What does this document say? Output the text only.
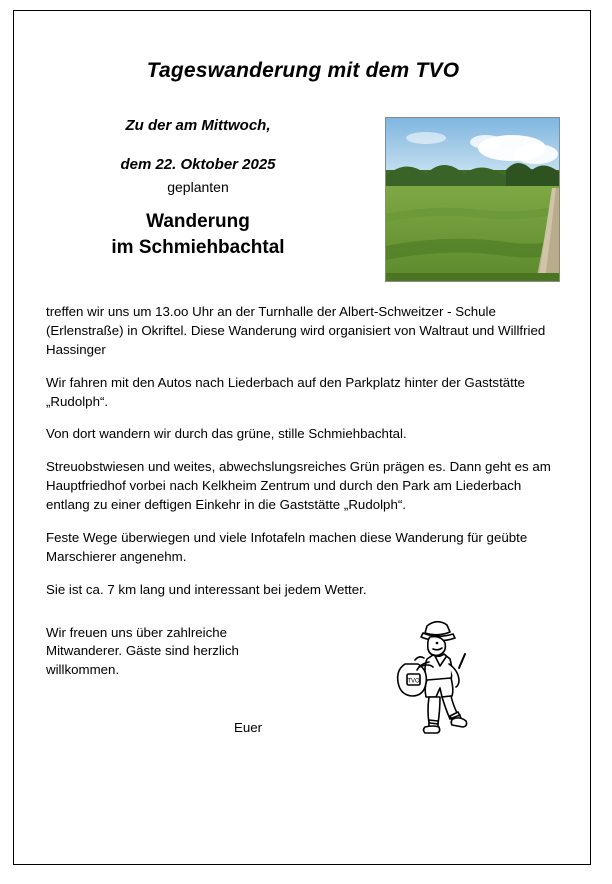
Tageswanderung mit dem TVO
Zu der am Mittwoch,
dem 22. Oktober 2025
geplanten
Wanderung
im Schmiehbachtal

treffen wir uns um 13.oo Uhr an der Turnhalle der Albert-Schweitzer - Schule (Erlenstraße) in Okriftel. Diese Wanderung wird organisiert von Waltraut und Willfried Hassinger

Wir fahren mit den Autos nach Liederbach auf den Parkplatz hinter der Gaststätte „Rudolph“.

Von dort wandern wir durch das grüne, stille Schmiehbachtal.

Streuobstwiesen und weites, abwechslungsreiches Grün prägen es. Dann geht es am Hauptfriedhof vorbei nach Kelkheim Zentrum und durch den Park am Liederbach entlang zu einer deftigen Einkehr in die Gaststätte „Rudolph“.

Feste Wege überwiegen und viele Infotafeln machen diese Wanderung für geübte Marschierer angenehm.

Sie ist ca. 7 km lang und interessant bei jedem Wetter.

Wir freuen uns über zahlreiche Mitwanderer. Gäste sind herzlich willkommen.

Euer
TVO
